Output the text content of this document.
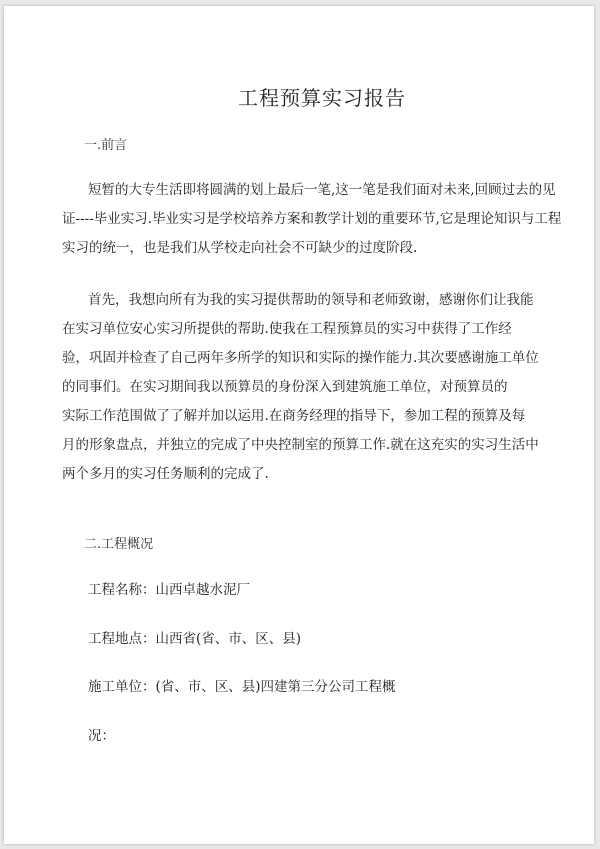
工程预算实习报告
一.前言
短暂的大专生活即将圆满的划上最后一笔,这一笔是我们面对未来,回顾过去的见
证----毕业实习.毕业实习是学校培养方案和教学计划的重要环节,它是理论知识与工程
实习的统一，也是我们从学校走向社会不可缺少的过度阶段.
首先，我想向所有为我的实习提供帮助的领导和老师致谢，感谢你们让我能
在实习单位安心实习所提供的帮助.使我在工程预算员的实习中获得了工作经
验，巩固并检查了自己两年多所学的知识和实际的操作能力.其次要感谢施工单位
的同事们。在实习期间我以预算员的身份深入到建筑施工单位，对预算员的
实际工作范围做了了解并加以运用.在商务经理的指导下，参加工程的预算及每
月的形象盘点，并独立的完成了中央控制室的预算工作.就在这充实的实习生活中
两个多月的实习任务顺利的完成了.
二.工程概况
工程名称：山西卓越水泥厂
工程地点：山西省(省、市、区、县)
施工单位：(省、市、区、县)四建第三分公司工程概
况：
